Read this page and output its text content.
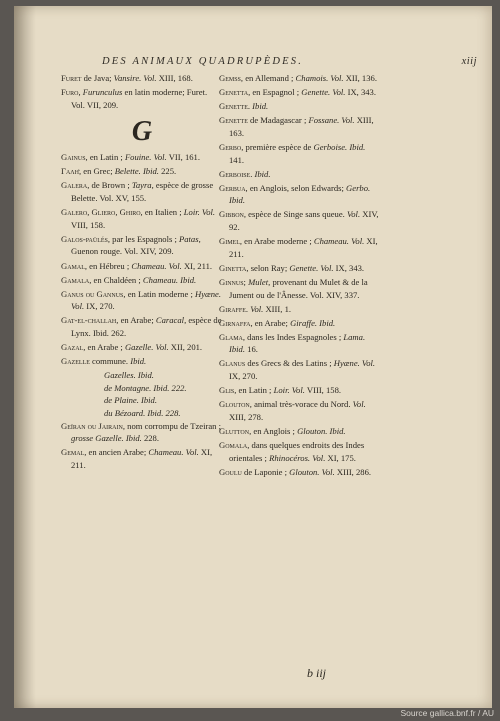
DES ANIMAUX QUADRUPÈDES.	xiij
Furet de Java; Vansire. Vol. XIII, 168.
Furo, Furunculus en latin moderne; Furet. Vol. VII, 209.
G
Gainus, en Latin ; Fouine. Vol. VII, 161.
Γαλῆ, en Grec; Belette. Ibid. 225.
Galera, de Brown ; Tayra, espèce de grosse Belette. Vol. XV, 155.
Galero, Gliero, Ghiro, en Italien ; Loir. Vol. VIII, 158.
Galos-paülés, par les Espagnols ; Patas, Guenon rouge. Vol. XIV, 209.
Gamal, en Hébreu ; Chameau. Vol. XI, 211.
Gamala, en Chaldéen ; Chameau. Ibid.
Ganus ou Gannus, en Latin moderne ; Hyæne. Vol. IX, 270.
Gat-el-challah, en Arabe; Caracal, espèce de Lynx. Ibid. 262.
Gazal, en Arabe ; Gazelle. Vol. XII, 201.
Gazelle commune. Ibid.
Gazelles. Ibid.
de Montagne. Ibid. 222.
de Plaine. Ibid.
du Bézoard. Ibid. 228.
Geïran ou Jairain, nom corrompu de Tzeiran ; grosse Gazelle. Ibid. 228.
Gemal, en ancien Arabe; Chameau. Vol. XI, 211.
Gemss, en Allemand ; Chamois. Vol. XII, 136.
Genetta, en Espagnol ; Genette. Vol. IX, 343.
Genette. Ibid.
Genette de Madagascar ; Fossane. Vol. XIII, 163.
Gerbo, première espèce de Gerboise. Ibid. 141.
Gerboise. Ibid.
Gerbua, en Anglois, selon Edwards; Gerbo. Ibid.
Gibbon, espèce de Singe sans queue. Vol. XIV, 92.
Gimel, en Arabe moderne ; Chameau. Vol. XI, 211.
Ginetta, selon Ray; Genette. Vol. IX, 343.
Ginnus; Mulet, provenant du Mulet & de la Jument ou de l'Ânesse. Vol. XIV, 337.
Giraffe. Vol. XIII, 1.
Girnaffa, en Arabe; Giraffe. Ibid.
Glama, dans les Indes Espagnoles ; Lama. Ibid. 16.
Glanus des Grecs & des Latins ; Hyæne. Vol. IX, 270.
Glis, en Latin ; Loir. Vol. VIII, 158.
Glouton, animal très-vorace du Nord. Vol. XIII, 278.
Glutton, en Anglois ; Glouton. Ibid.
Gomala, dans quelques endroits des Indes orientales ; Rhinocéros. Vol. XI, 175.
Goulu de Laponie ; Glouton. Vol. XIII, 286.
b iij
Source gallica.bnf.fr / AU
